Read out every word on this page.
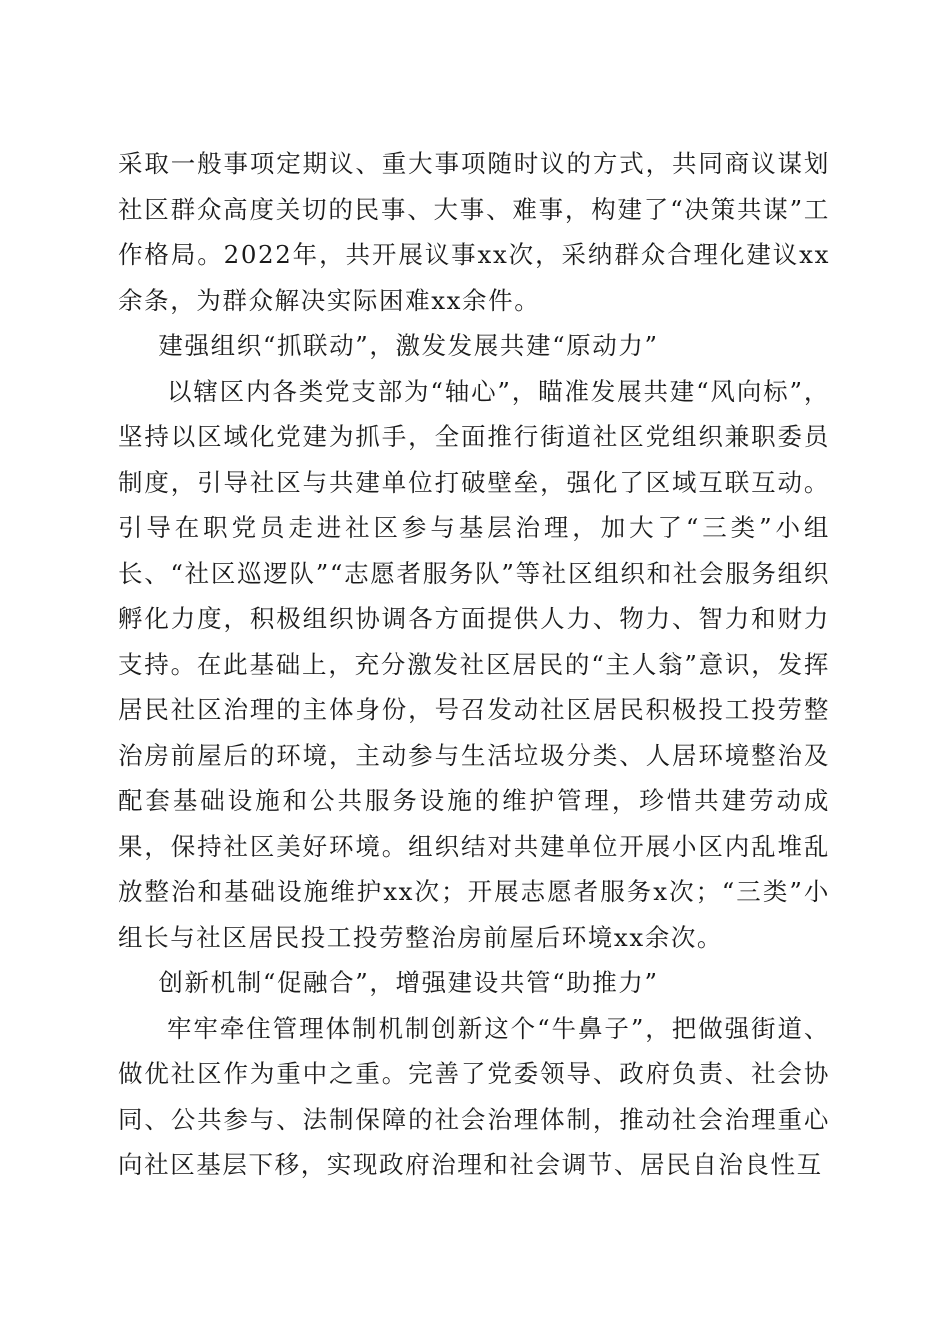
采取一般事项定期议、重大事项随时议的方式，共同商议谋划社区群众高度关切的民事、大事、难事，构建了“决策共谋”工作格局。2022年，共开展议事xx次，采纳群众合理化建议xx余条，为群众解决实际困难xx余件。

建强组织“抓联动”，激发发展共建“原动力”

以辖区内各类党支部为“轴心”，瞄准发展共建“风向标”，坚持以区域化党建为抓手，全面推行街道社区党组织兼职委员制度，引导社区与共建单位打破壁垒，强化了区域互联互动。引导在职党员走进社区参与基层治理，加大了“三类”小组长、“社区巡逻队”“志愿者服务队”等社区组织和社会服务组织孵化力度，积极组织协调各方面提供人力、物力、智力和财力支持。在此基础上，充分激发社区居民的“主人翁”意识，发挥居民社区治理的主体身份，号召发动社区居民积极投工投劳整治房前屋后的环境，主动参与生活垃圾分类、人居环境整治及配套基础设施和公共服务设施的维护管理，珍惜共建劳动成果，保持社区美好环境。组织结对共建单位开展小区内乱堆乱放整治和基础设施维护xx次；开展志愿者服务x次；“三类”小组长与社区居民投工投劳整治房前屋后环境xx余次。

创新机制“促融合”，增强建设共管“助推力”

牢牢牵住管理体制机制创新这个“牛鼻子”，把做强街道、做优社区作为重中之重。完善了党委领导、政府负责、社会协同、公共参与、法制保障的社会治理体制，推动社会治理重心向社区基层下移，实现政府治理和社会调节、居民自治良性互
